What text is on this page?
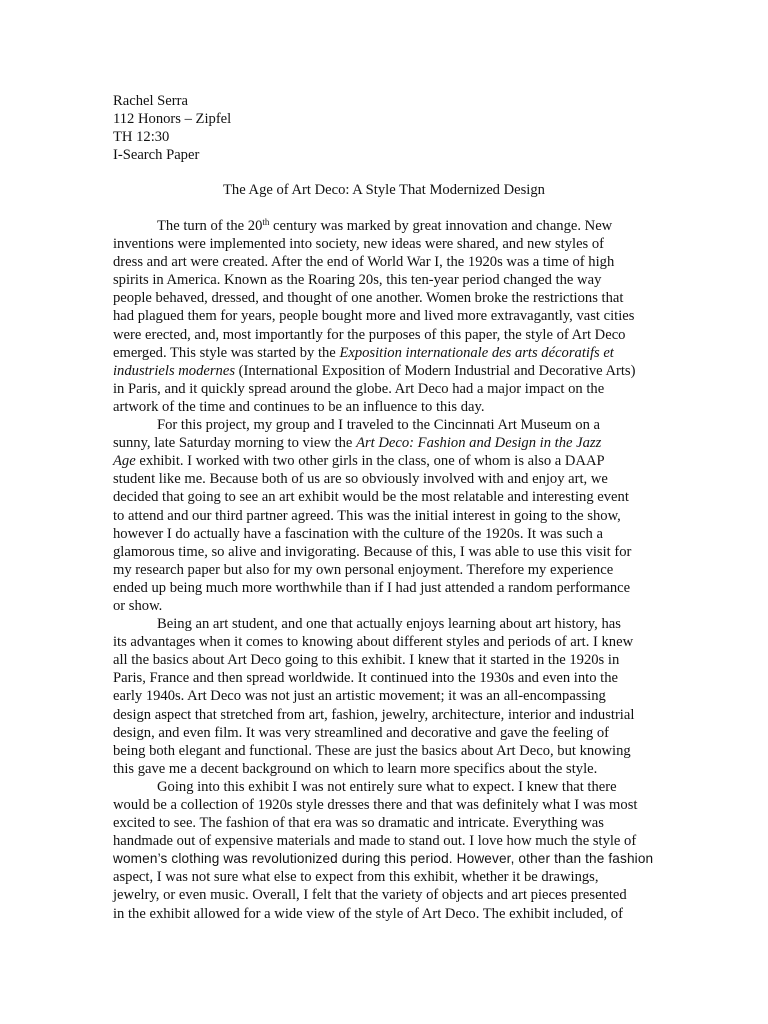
Rachel Serra
112 Honors – Zipfel
TH 12:30
I-Search Paper
The Age of Art Deco: A Style That Modernized Design
The turn of the 20th century was marked by great innovation and change. New
inventions were implemented into society, new ideas were shared, and new styles of
dress and art were created. After the end of World War I, the 1920s was a time of high
spirits in America. Known as the Roaring 20s, this ten-year period changed the way
people behaved, dressed, and thought of one another. Women broke the restrictions that
had plagued them for years, people bought more and lived more extravagantly, vast cities
were erected, and, most importantly for the purposes of this paper, the style of Art Deco
emerged. This style was started by the Exposition internationale des arts décoratifs et
industriels modernes (International Exposition of Modern Industrial and Decorative Arts)
in Paris, and it quickly spread around the globe. Art Deco had a major impact on the
artwork of the time and continues to be an influence to this day.
For this project, my group and I traveled to the Cincinnati Art Museum on a
sunny, late Saturday morning to view the Art Deco: Fashion and Design in the Jazz
Age exhibit. I worked with two other girls in the class, one of whom is also a DAAP
student like me. Because both of us are so obviously involved with and enjoy art, we
decided that going to see an art exhibit would be the most relatable and interesting event
to attend and our third partner agreed. This was the initial interest in going to the show,
however I do actually have a fascination with the culture of the 1920s. It was such a
glamorous time, so alive and invigorating. Because of this, I was able to use this visit for
my research paper but also for my own personal enjoyment. Therefore my experience
ended up being much more worthwhile than if I had just attended a random performance
or show.
Being an art student, and one that actually enjoys learning about art history, has
its advantages when it comes to knowing about different styles and periods of art. I knew
all the basics about Art Deco going to this exhibit. I knew that it started in the 1920s in
Paris, France and then spread worldwide. It continued into the 1930s and even into the
early 1940s. Art Deco was not just an artistic movement; it was an all-encompassing
design aspect that stretched from art, fashion, jewelry, architecture, interior and industrial
design, and even film. It was very streamlined and decorative and gave the feeling of
being both elegant and functional. These are just the basics about Art Deco, but knowing
this gave me a decent background on which to learn more specifics about the style.
Going into this exhibit I was not entirely sure what to expect. I knew that there
would be a collection of 1920s style dresses there and that was definitely what I was most
excited to see. The fashion of that era was so dramatic and intricate. Everything was
handmade out of expensive materials and made to stand out. I love how much the style of
women’s clothing was revolutionized during this period. However, other than the fashion
aspect, I was not sure what else to expect from this exhibit, whether it be drawings,
jewelry, or even music. Overall, I felt that the variety of objects and art pieces presented
in the exhibit allowed for a wide view of the style of Art Deco. The exhibit included, of
